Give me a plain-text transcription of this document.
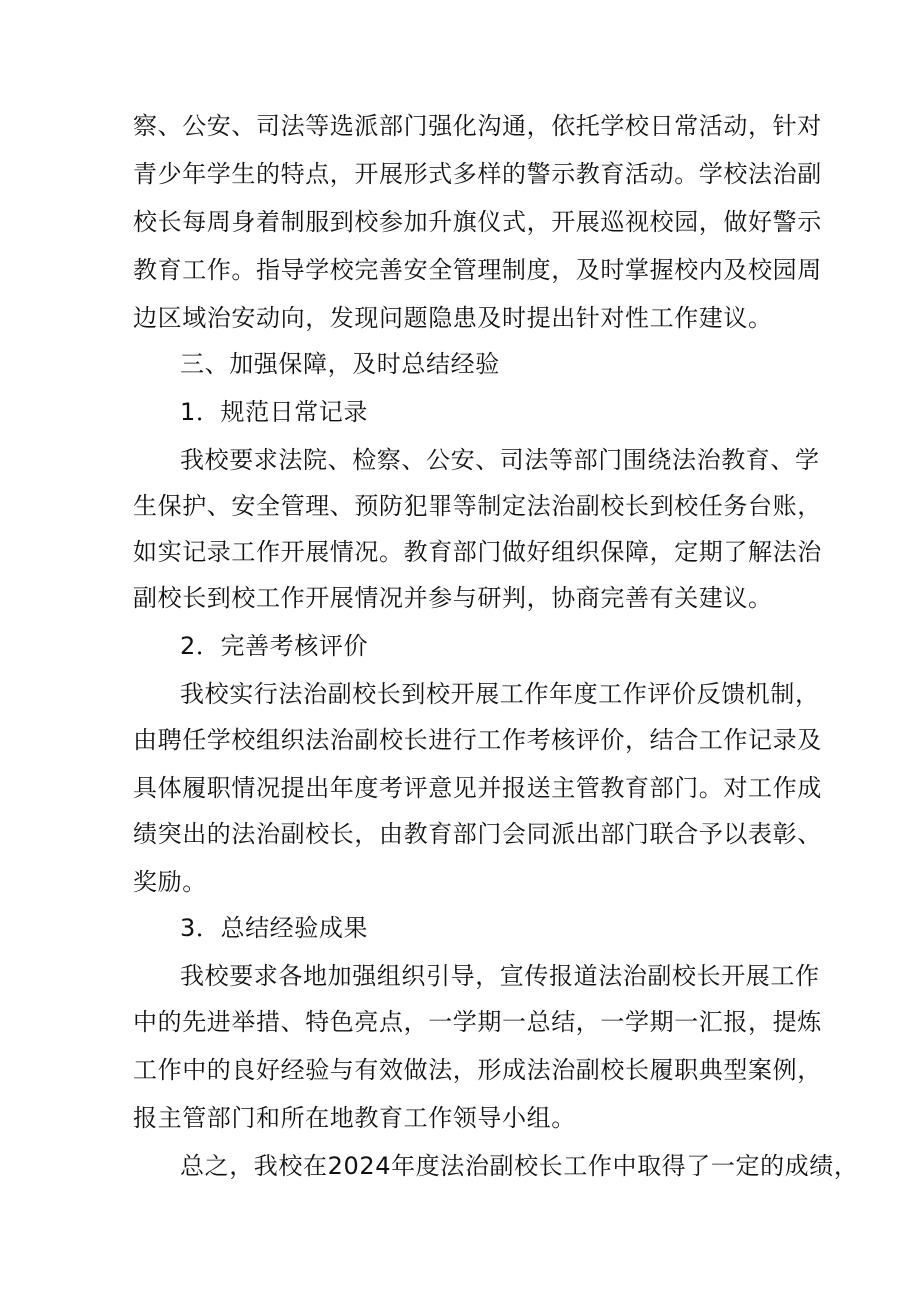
察、公安、司法等选派部门强化沟通，依托学校日常活动，针对
青少年学生的特点，开展形式多样的警示教育活动。学校法治副
校长每周身着制服到校参加升旗仪式，开展巡视校园，做好警示
教育工作。指导学校完善安全管理制度，及时掌握校内及校园周
边区域治安动向，发现问题隐患及时提出针对性工作建议。
三、加强保障，及时总结经验
1．规范日常记录
我校要求法院、检察、公安、司法等部门围绕法治教育、学
生保护、安全管理、预防犯罪等制定法治副校长到校任务台账，
如实记录工作开展情况。教育部门做好组织保障，定期了解法治
副校长到校工作开展情况并参与研判，协商完善有关建议。
2．完善考核评价
我校实行法治副校长到校开展工作年度工作评价反馈机制，
由聘任学校组织法治副校长进行工作考核评价，结合工作记录及
具体履职情况提出年度考评意见并报送主管教育部门。对工作成
绩突出的法治副校长，由教育部门会同派出部门联合予以表彰、
奖励。
3．总结经验成果
我校要求各地加强组织引导，宣传报道法治副校长开展工作
中的先进举措、特色亮点，一学期一总结，一学期一汇报，提炼
工作中的良好经验与有效做法，形成法治副校长履职典型案例，
报主管部门和所在地教育工作领导小组。
总之，我校在2024年度法治副校长工作中取得了一定的成绩，
